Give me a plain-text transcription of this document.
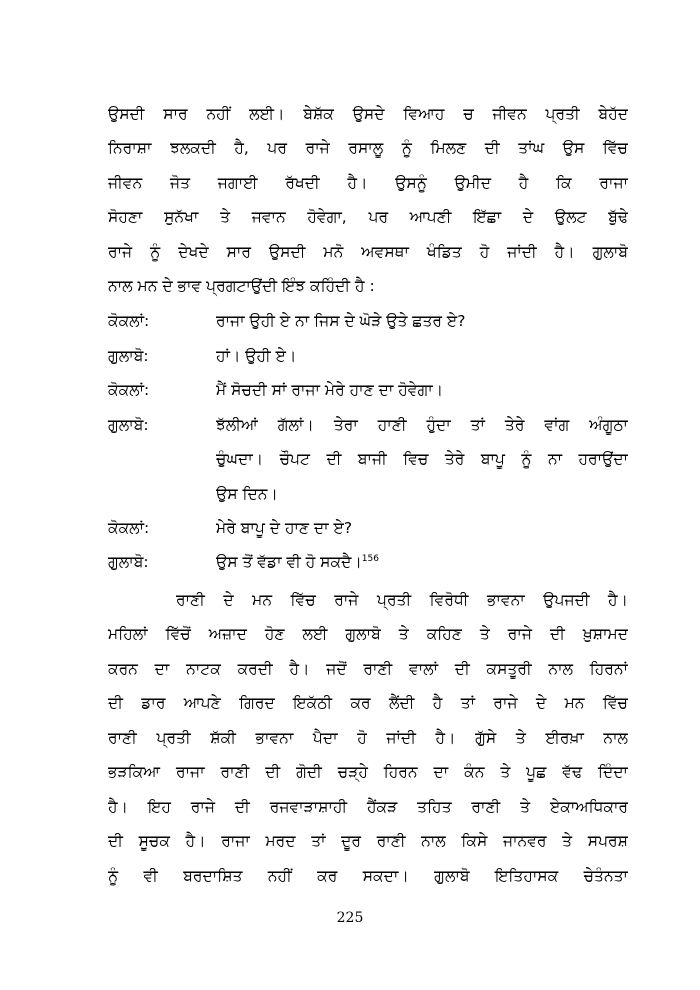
ਉਸਦੀ ਸਾਰ ਨਹੀਂ ਲਈ। ਬੇਸ਼ੱਕ ਉਸਦੇ ਵਿਆਹ ਚ ਜੀਵਨ ਪ੍ਰਤੀ ਬੇਹੱਦ
ਨਿਰਾਸ਼ਾ ਝਲਕਦੀ ਹੈ, ਪਰ ਰਾਜੇ ਰਸਾਲੂ ਨੂੰ ਮਿਲਣ ਦੀ ਤਾਂਘ ਉਸ ਵਿੱਚ
ਜੀਵਨ ਜੋਤ ਜਗਾਈ ਰੱਖਦੀ ਹੈ। ਉਸਨੂੰ ਉਮੀਦ ਹੈ ਕਿ ਰਾਜਾ
ਸੋਹਣਾ ਸੁਨੱਖਾ ਤੇ ਜਵਾਨ ਹੋਵੇਗਾ, ਪਰ ਆਪਣੀ ਇੱਛਾ ਦੇ ਉਲਟ ਬੁੱਢੇ
ਰਾਜੇ ਨੂੰ ਦੇਖਦੇ ਸਾਰ ਉਸਦੀ ਮਨੋ ਅਵਸਥਾ ਖੰਡਿਤ ਹੋ ਜਾਂਦੀ ਹੈ। ਗੁਲਾਬੋ
ਨਾਲ ਮਨ ਦੇ ਭਾਵ ਪ੍ਰਗਟਾਉਂਦੀ ਇੰਝ ਕਹਿੰਦੀ ਹੈ :
ਕੋਕਲਾਂ:	ਰਾਜਾ ਉਹੀ ਏ ਨਾ ਜਿਸ ਦੇ ਘੋੜੇ ਉਤੇ ਛਤਰ ਏ?
ਗੁਲਾਬੋ:	ਹਾਂ। ਉਹੀ ਏ।
ਕੋਕਲਾਂ:	ਮੈਂ ਸੋਚਦੀ ਸਾਂ ਰਾਜਾ ਮੇਰੇ ਹਾਣ ਦਾ ਹੋਵੇਗਾ।
ਗੁਲਾਬੋ:	ਝੱਲੀਆਂ ਗੱਲਾਂ। ਤੇਰਾ ਹਾਣੀ ਹੁੰਦਾ ਤਾਂ ਤੇਰੇ ਵਾਂਗ ਅੰਗੂਠਾ
ਚੁੰਘਦਾ। ਚੌਪਟ ਦੀ ਬਾਜੀ ਵਿਚ ਤੇਰੇ ਬਾਪੂ ਨੂੰ ਨਾ ਹਰਾਉਂਦਾ
ਉਸ ਦਿਨ।
ਕੋਕਲਾਂ:	ਮੇਰੇ ਬਾਪੂ ਦੇ ਹਾਣ ਦਾ ਏ?
ਗੁਲਾਬੋ:	ਉਸ ਤੋਂ ਵੱਡਾ ਵੀ ਹੋ ਸਕਦੈ।$^{156}$
ਰਾਣੀ ਦੇ ਮਨ ਵਿੱਚ ਰਾਜੇ ਪ੍ਰਤੀ ਵਿਰੋਧੀ ਭਾਵਨਾ ਉਪਜਦੀ ਹੈ।
ਮਹਿਲਾਂ ਵਿੱਚੋਂ ਅਜ਼ਾਦ ਹੋਣ ਲਈ ਗੁਲਾਬੋ ਤੇ ਕਹਿਣ ਤੇ ਰਾਜੇ ਦੀ ਖ਼ੁਸ਼ਾਮਦ
ਕਰਨ ਦਾ ਨਾਟਕ ਕਰਦੀ ਹੈ। ਜਦੋਂ ਰਾਣੀ ਵਾਲਾਂ ਦੀ ਕਸਤੂਰੀ ਨਾਲ ਹਿਰਨਾਂ
ਦੀ ਡਾਰ ਆਪਣੇ ਗਿਰਦ ਇਕੱਠੀ ਕਰ ਲੈਂਦੀ ਹੈ ਤਾਂ ਰਾਜੇ ਦੇ ਮਨ ਵਿੱਚ
ਰਾਣੀ ਪ੍ਰਤੀ ਸ਼ੱਕੀ ਭਾਵਨਾ ਪੈਦਾ ਹੋ ਜਾਂਦੀ ਹੈ। ਗੁੱਸੇ ਤੇ ਈਰਖ਼ਾ ਨਾਲ
ਭੜਕਿਆ ਰਾਜਾ ਰਾਣੀ ਦੀ ਗੋਦੀ ਚੜ੍ਹੇ ਹਿਰਨ ਦਾ ਕੰਨ ਤੇ ਪੂਛ ਵੱਢ ਦਿੰਦਾ
ਹੈ। ਇਹ ਰਾਜੇ ਦੀ ਰਜਵਾੜਾਸ਼ਾਹੀ ਹੈਂਕੜ ਤਹਿਤ ਰਾਣੀ ਤੇ ਏਕਾਅਧਿਕਾਰ
ਦੀ ਸੂਚਕ ਹੈ। ਰਾਜਾ ਮਰਦ ਤਾਂ ਦੂਰ ਰਾਣੀ ਨਾਲ ਕਿਸੇ ਜਾਨਵਰ ਤੇ ਸਪਰਸ਼
ਨੂੰ ਵੀ ਬਰਦਾਸ਼ਿਤ ਨਹੀਂ ਕਰ ਸਕਦਾ। ਗੁਲਾਬੋ ਇਤਿਹਾਸਕ ਚੇਤੰਨਤਾ
225
